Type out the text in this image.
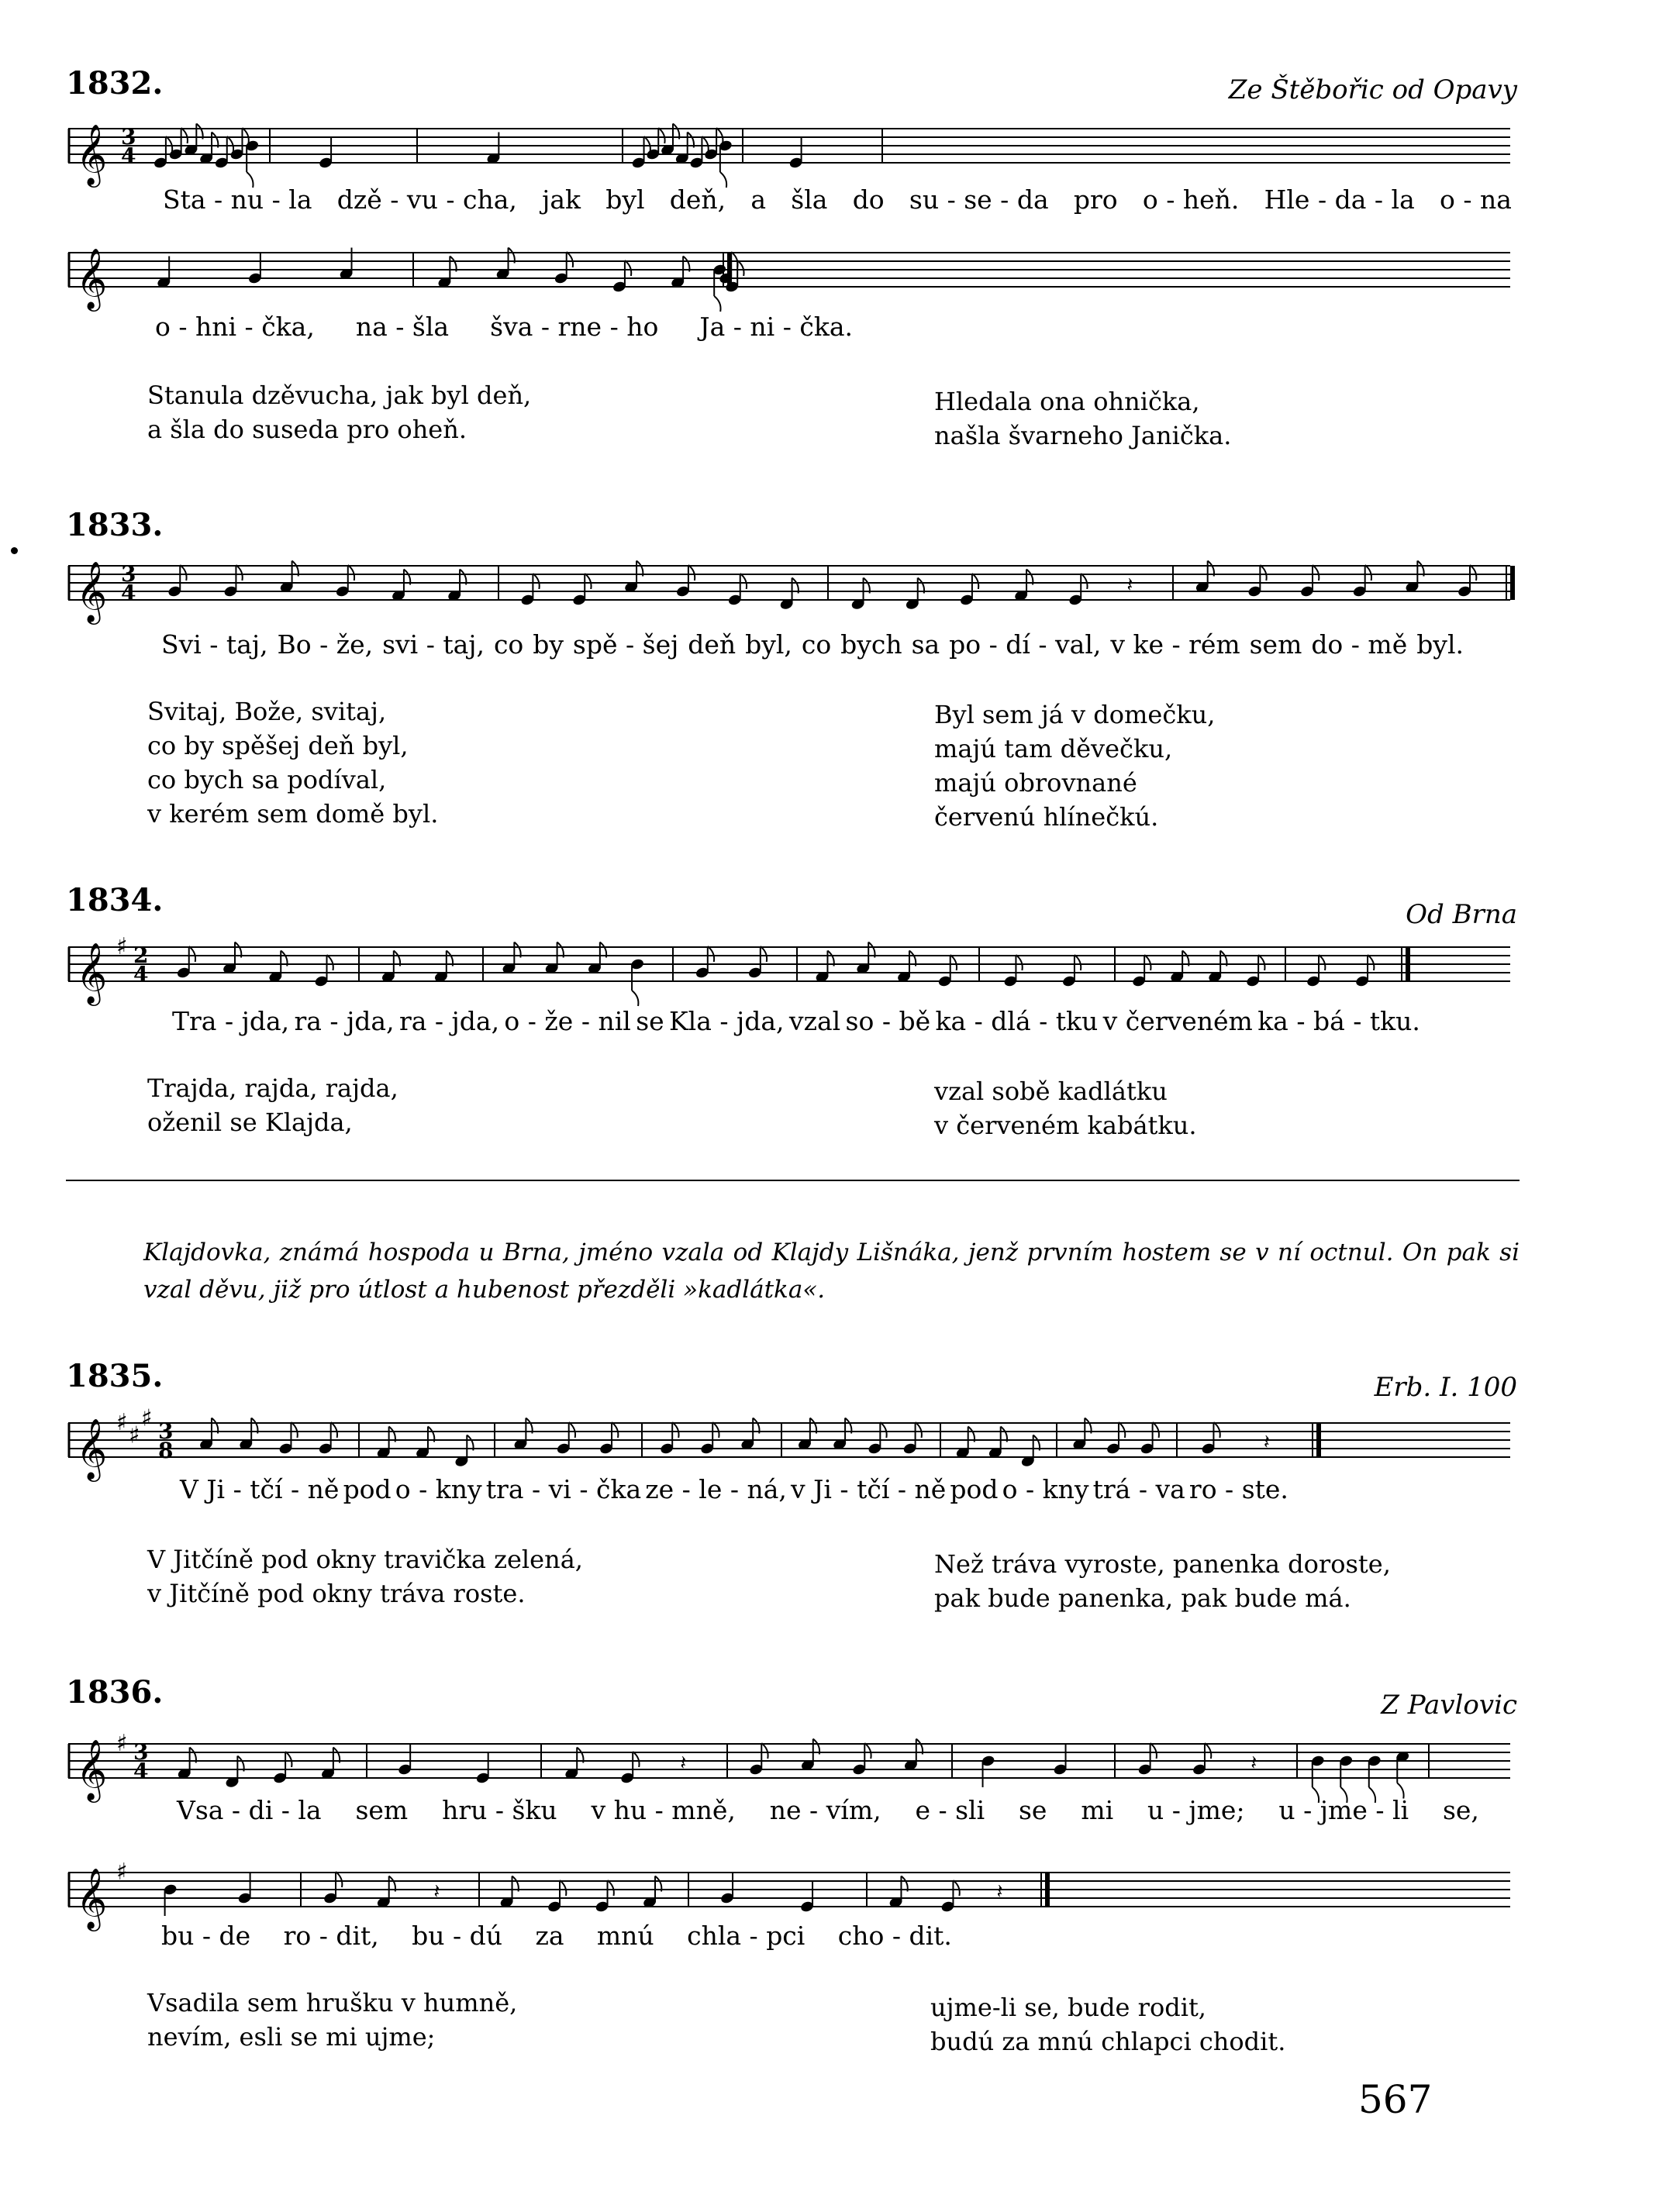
1832.	Ze Štěbořic od Opavy
𝄞 3
4
Sta - nu - la dzě - vu - cha, jak byl deň, a šla do su - se - da pro o - heň. Hle - da - la o - na
𝄞
o - hni - čka, na - šla šva - rne - ho Ja - ni - čka.
Stanula dzěvucha, jak byl deň,
a šla do suseda pro oheň.
Hledala ona ohnička,
našla švarneho Janička.
1833.
𝄞 3
4	𝄽
Svi - taj, Bo - že, svi - taj, co by spě - šej deň byl, co bych sa po - dí - val, v ke - rém sem do - mě byl.
Svitaj, Bože, svitaj,
co by spěšej deň byl,
co bych sa podíval,
v kerém sem domě byl.
Byl sem já v domečku,
majú tam děvečku,
majú obrovnané
červenú hlínečkú.
1834.	Od Brna
𝄞 ♯ 2
4
Tra - jda, ra - jda, ra - jda, o - že - nil se Kla - jda, vzal so - bě ka - dlá - tku v červeném ka - bá - tku.
Trajda, rajda, rajda,
oženil se Klajda,
vzal sobě kadlátku
v červeném kabátku.
Klajdovka, známá hospoda u Brna, jméno vzala od Klajdy Lišnáka, jenž prvním hostem se v ní octnul. On pak si vzal děvu, již pro útlost a hubenost přezděli »kadlátka«.
1835.	Erb. I. 100
𝄞 ♯ ♯
♯ 3
8	𝄽
V Ji - tčí - ně pod o - kny tra - vi - čka ze - le - ná, v Ji - tčí - ně pod o - kny trá - va ro - ste.
V Jitčíně pod okny travička zelená,
v Jitčíně pod okny tráva roste.
Než tráva vyroste, panenka doroste,
pak bude panenka, pak bude má.
1836.	Z Pavlovic
𝄞 ♯ 3
4	𝄽	𝄽
Vsa - di - la sem hru - šku v hu - mně, ne - vím, e - sli se mi u - jme; u - jme - li se,
𝄞 ♯
𝄽	𝄽
bu - de ro - dit, bu - dú za mnú chla - pci cho - dit.
Vsadila sem hrušku v humně,
nevím, esli se mi ujme;
ujme-li se, bude rodit,
budú za mnú chlapci chodit.
567
